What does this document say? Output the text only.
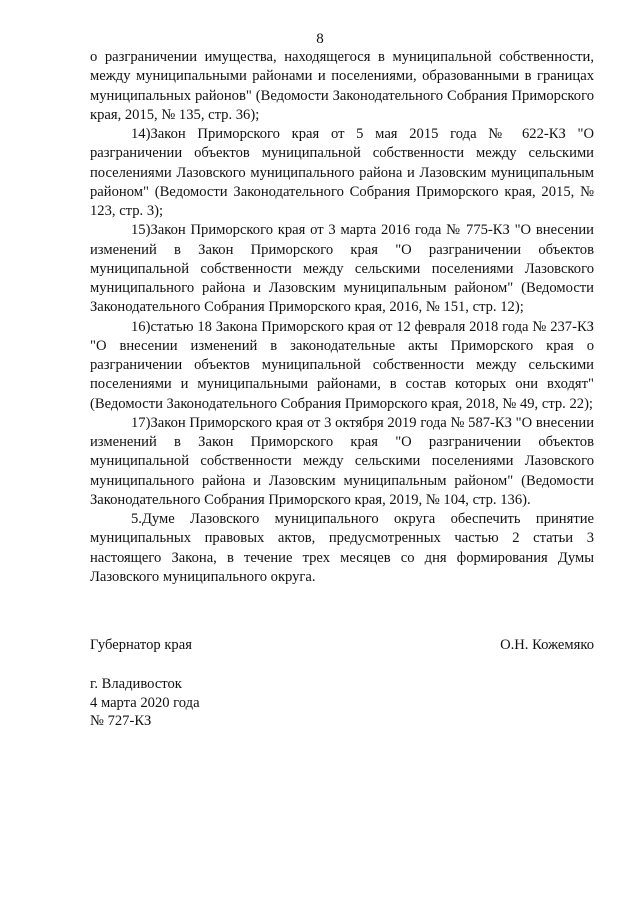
8

о разграничении имущества, находящегося в муниципальной собственности, между муниципальными районами и поселениями, образованными в границах муниципальных районов" (Ведомости Законодательного Собрания Приморского края, 2015, № 135, стр. 36);

14)Закон Приморского края от 5 мая 2015 года № 622-КЗ "О разграничении объектов муниципальной собственности между сельскими поселениями Лазовского муниципального района и Лазовским муниципальным районом" (Ведомости Законодательного Собрания Приморского края, 2015, № 123, стр. 3);

15)Закон Приморского края от 3 марта 2016 года № 775-КЗ "О внесении изменений в Закон Приморского края "О разграничении объектов муниципальной собственности между сельскими поселениями Лазовского муниципального района и Лазовским муниципальным районом" (Ведомости Законодательного Собрания Приморского края, 2016, № 151, стр. 12);

16)статью 18 Закона Приморского края от 12 февраля 2018 года № 237-КЗ "О внесении изменений в законодательные акты Приморского края о разграничении объектов муниципальной собственности между сельскими поселениями и муниципальными районами, в состав которых они входят" (Ведомости Законодательного Собрания Приморского края, 2018, № 49, стр. 22);

17)Закон Приморского края от 3 октября 2019 года № 587-КЗ "О внесении изменений в Закон Приморского края "О разграничении объектов муниципальной собственности между сельскими поселениями Лазовского муниципального района и Лазовским муниципальным районом" (Ведомости Законодательного Собрания Приморского края, 2019, № 104, стр. 136).

5.Думе Лазовского муниципального округа обеспечить принятие муниципальных правовых актов, предусмотренных частью 2 статьи 3 настоящего Закона, в течение трех месяцев со дня формирования Думы Лазовского муниципального округа.

Губернатор края	О.Н. Кожемяко
г. Владивосток
4 марта 2020 года
№ 727-КЗ
